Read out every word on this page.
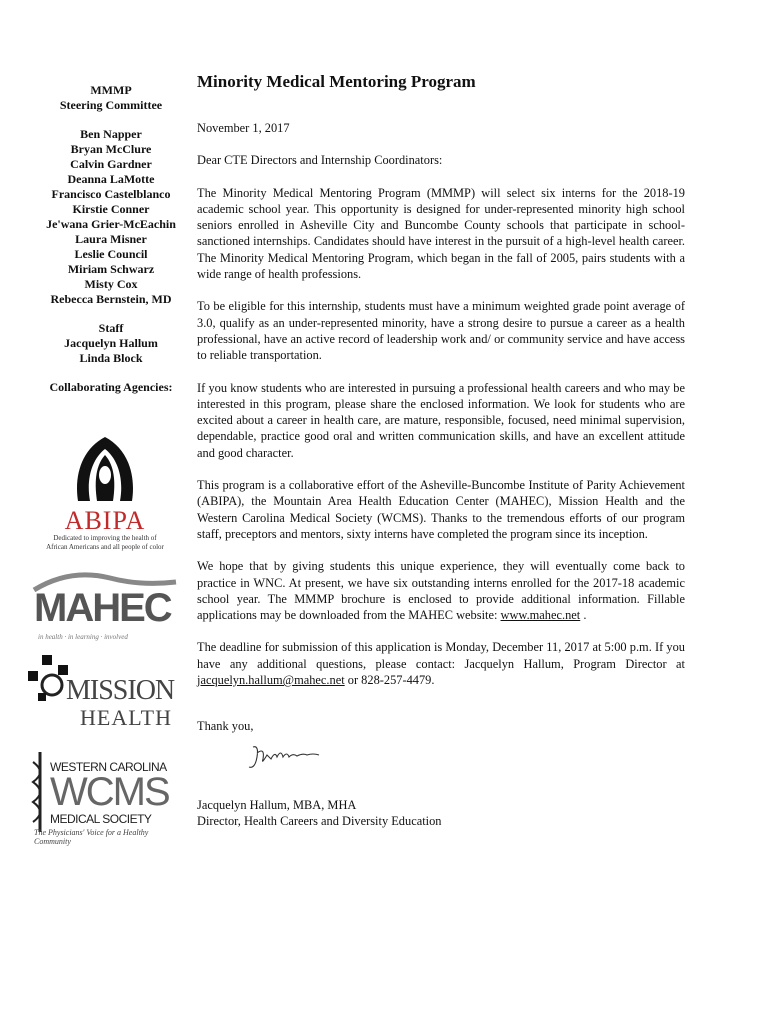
MMMP
Steering Committee
Ben Napper
Bryan McClure
Calvin Gardner
Deanna LaMotte
Francisco Castelblanco
Kirstie Conner
Je'wana Grier-McEachin
Laura Misner
Leslie Council
Miriam Schwarz
Misty Cox
Rebecca Bernstein, MD
Staff
Jacquelyn Hallum
Linda Block
Collaborating Agencies:
ABIPA
Dedicated to improving the health of
African Americans and all people of color
MAHEC
in health · in learning · involved
MISSION
HEALTH
WESTERN CAROLINA
WCMS
MEDICAL SOCIETY
The Physicians' Voice for a Healthy Community
Minority Medical Mentoring Program

November 1, 2017

Dear CTE Directors and Internship Coordinators:

The Minority Medical Mentoring Program (MMMP) will select six interns for the 2018-19 academic school year. This opportunity is designed for under-represented minority high school seniors enrolled in Asheville City and Buncombe County schools that participate in school-sanctioned internships. Candidates should have interest in the pursuit of a high-level health career. The Minority Medical Mentoring Program, which began in the fall of 2005, pairs students with a wide range of health professions.

To be eligible for this internship, students must have a minimum weighted grade point average of 3.0, qualify as an under-represented minority, have a strong desire to pursue a career as a health professional, have an active record of leadership work and/ or community service and have access to reliable transportation.

If you know students who are interested in pursuing a professional health careers and who may be interested in this program, please share the enclosed information. We look for students who are excited about a career in health care, are mature, responsible, focused, need minimal supervision, dependable, practice good oral and written communication skills, and have an excellent attitude and good character.

This program is a collaborative effort of the Asheville-Buncombe Institute of Parity Achievement (ABIPA), the Mountain Area Health Education Center (MAHEC), Mission Health and the Western Carolina Medical Society (WCMS). Thanks to the tremendous efforts of our program staff, preceptors and mentors, sixty interns have completed the program since its inception.

We hope that by giving students this unique experience, they will eventually come back to practice in WNC. At present, we have six outstanding interns enrolled for the 2017-18 academic school year. The MMMP brochure is enclosed to provide additional information. Fillable applications may be downloaded from the MAHEC website: www.mahec.net .

The deadline for submission of this application is Monday, December 11, 2017 at 5:00 p.m. If you have any additional questions, please contact: Jacquelyn Hallum, Program Director at jacquelyn.hallum@mahec.net or 828-257-4479.

Thank you,

Jacquelyn Hallum, MBA, MHA
Director, Health Careers and Diversity Education
